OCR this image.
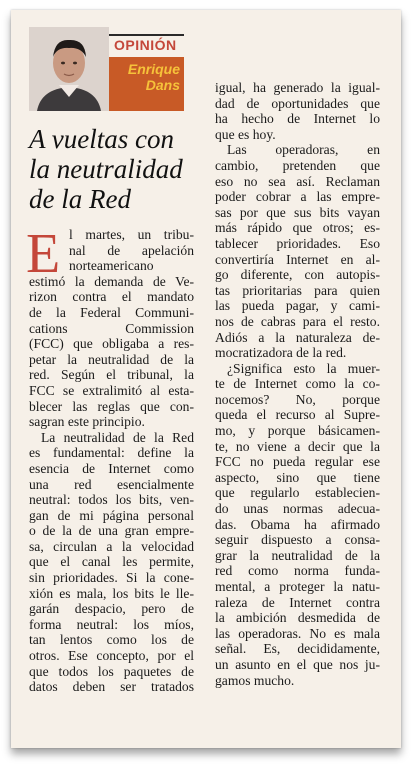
OPINIÓN
Enrique
Dans
A vueltas con
la neutralidad
de la Red
E l martes, un tribu-
nal de apelación
norteamericano
estimó la demanda de Ve-
rizon contra el mandato
de la Federal Communi-
cations Commission
(FCC) que obligaba a res-
petar la neutralidad de la
red. Según el tribunal, la
FCC se extralimitó al esta-
blecer las reglas que con-
sagran este principio.
La neutralidad de la Red
es fundamental: define la
esencia de Internet como
una red esencialmente
neutral: todos los bits, ven-
gan de mi página personal
o de la de una gran empre-
sa, circulan a la velocidad
que el canal les permite,
sin prioridades. Si la cone-
xión es mala, los bits le lle-
garán despacio, pero de
forma neutral: los míos,
tan lentos como los de
otros. Ese concepto, por el
que todos los paquetes de
datos deben ser tratados
igual, ha generado la igual-
dad de oportunidades que
ha hecho de Internet lo
que es hoy.
Las operadoras, en
cambio, pretenden que
eso no sea así. Reclaman
poder cobrar a las empre-
sas por que sus bits vayan
más rápido que otros; es-
tablecer prioridades. Eso
convertiría Internet en al-
go diferente, con autopis-
tas prioritarias para quien
las pueda pagar, y cami-
nos de cabras para el resto.
Adiós a la naturaleza de-
mocratizadora de la red.
¿Significa esto la muer-
te de Internet como la co-
nocemos? No, porque
queda el recurso al Supre-
mo, y porque básicamen-
te, no viene a decir que la
FCC no pueda regular ese
aspecto, sino que tiene
que regularlo establecien-
do unas normas adecua-
das. Obama ha afirmado
seguir dispuesto a consa-
grar la neutralidad de la
red como norma funda-
mental, a proteger la natu-
raleza de Internet contra
la ambición desmedida de
las operadoras. No es mala
señal. Es, decididamente,
un asunto en el que nos ju-
gamos mucho.
